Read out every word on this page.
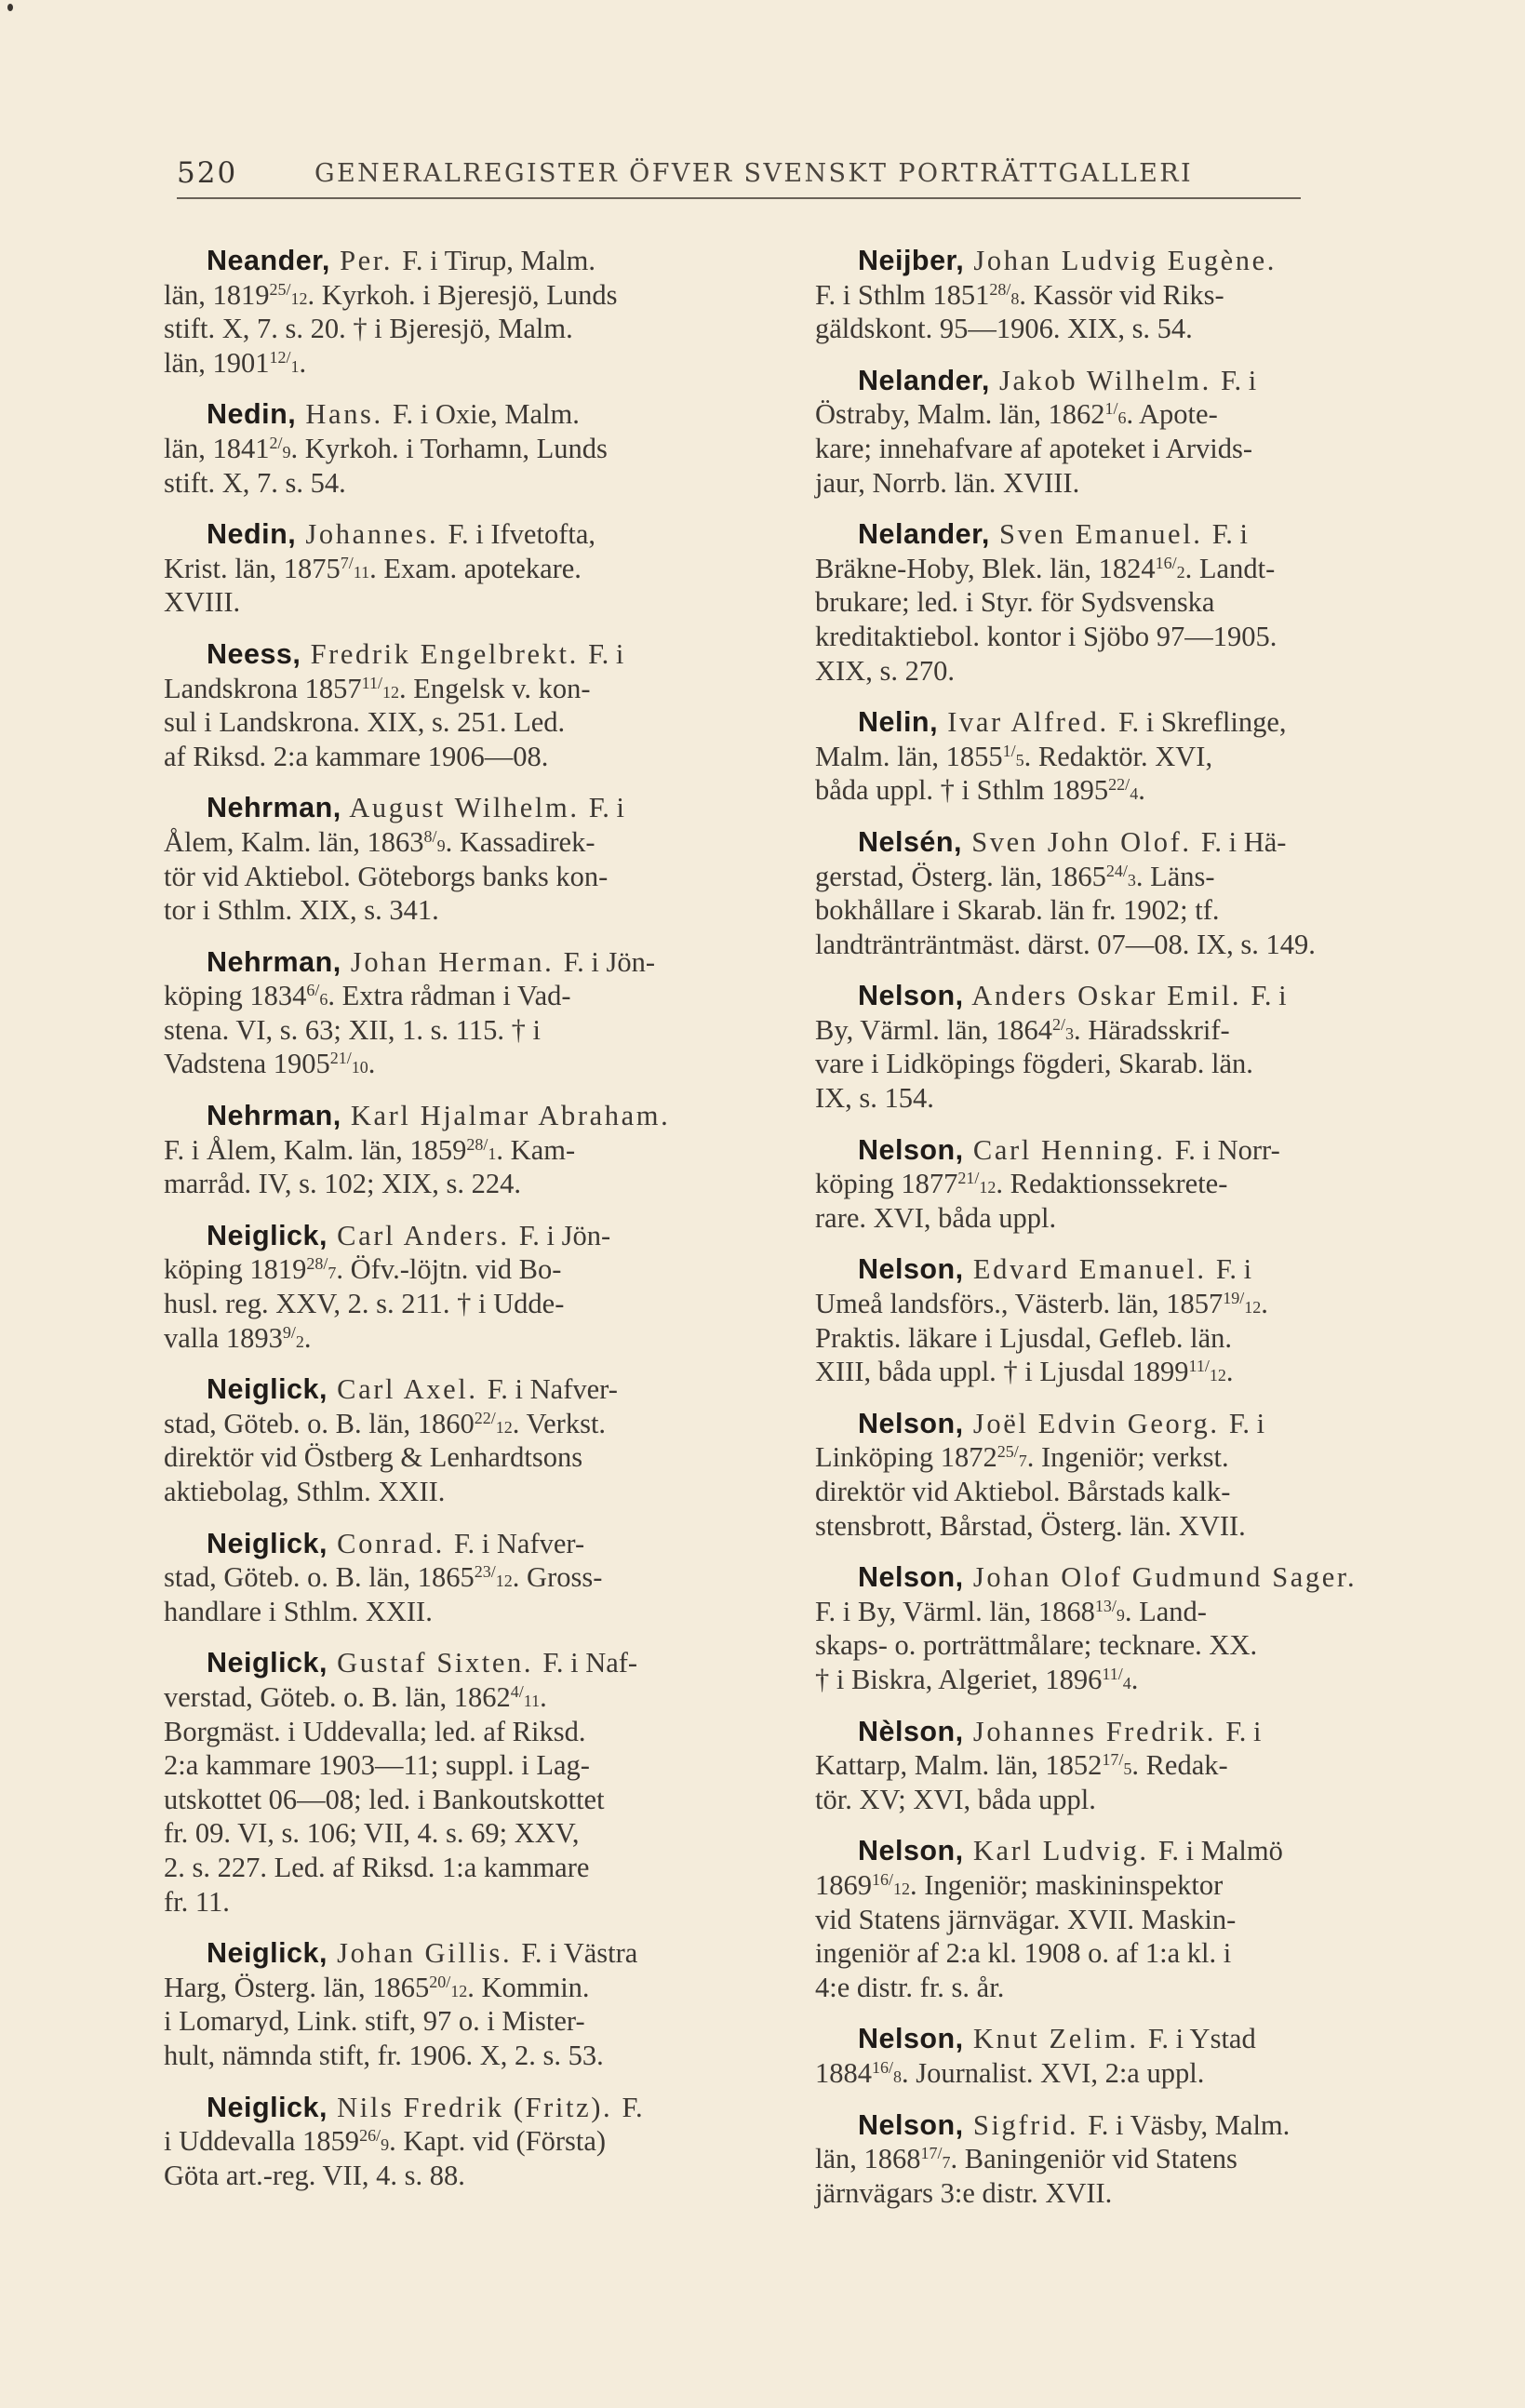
520	GENERALREGISTER ÖFVER SVENSKT PORTRÄTTGALLERI

Neander, Per. F. i Tirup, Malm.

län, 1819$^{25}$ / 12. Kyrkoh. i Bjeresjö, Lunds

stift. X, 7. s. 20. † i Bjeresjö, Malm.

län, 1901$^{12}$ / 1.

Nedin, Hans. F. i Oxie, Malm.

län, 1841$^2$ / 9. Kyrkoh. i Torhamn, Lunds

stift. X, 7. s. 54.

Nedin, Johannes. F. i Ifvetofta,

Krist. län, 1875$^7$ / 11. Exam. apotekare.

XVIII.

Neess, Fredrik Engelbrekt. F. i

Landskrona 1857$^{11}$ / 12. Engelsk v. kon-

sul i Landskrona. XIX, s. 251. Led.

af Riksd. 2:a kammare 1906—08.

Nehrman, August Wilhelm. F. i

Ålem, Kalm. län, 1863$^8$ / 9. Kassadirek-

tör vid Aktiebol. Göteborgs banks kon-

tor i Sthlm. XIX, s. 341.

Nehrman, Johan Herman. F. i Jön-

köping 1834$^6$ / 6. Extra rådman i Vad-

stena. VI, s. 63; XII, 1. s. 115. † i

Vadstena 1905$^{21}$ / 10.

Nehrman, Karl Hjalmar Abraham.

F. i Ålem, Kalm. län, 1859$^{28}$ / 1. Kam-

marråd. IV, s. 102; XIX, s. 224.

Neiglick, Carl Anders. F. i Jön-

köping 1819$^{28}$ / 7. Öfv.-löjtn. vid Bo-

husl. reg. XXV, 2. s. 211. † i Udde-

valla 1893$^9$ / 2.

Neiglick, Carl Axel. F. i Nafver-

stad, Göteb. o. B. län, 1860$^{22}$ / 12. Verkst.

direktör vid Östberg & Lenhardtsons

aktiebolag, Sthlm. XXII.

Neiglick, Conrad. F. i Nafver-

stad, Göteb. o. B. län, 1865$^{23}$ / 12. Gross-

handlare i Sthlm. XXII.

Neiglick, Gustaf Sixten. F. i Naf-

verstad, Göteb. o. B. län, 1862$^4$ / 11.

Borgmäst. i Uddevalla; led. af Riksd.

2:a kammare 1903—11; suppl. i Lag-

utskottet 06—08; led. i Bankoutskottet

fr. 09. VI, s. 106; VII, 4. s. 69; XXV,

2. s. 227. Led. af Riksd. 1:a kammare

fr. 11.

Neiglick, Johan Gillis. F. i Västra

Harg, Österg. län, 1865$^{20}$ / 12. Kommin.

i Lomaryd, Link. stift, 97 o. i Mister-

hult, nämnda stift, fr. 1906. X, 2. s. 53.

Neiglick, Nils Fredrik (Fritz). F.

i Uddevalla 1859$^{26}$ / 9. Kapt. vid (Första)

Göta art.-reg. VII, 4. s. 88.

Neijber, Johan Ludvig Eugène.

F. i Sthlm 1851$^{28}$ / 8. Kassör vid Riks-

gäldskont. 95—1906. XIX, s. 54.

Nelander, Jakob Wilhelm. F. i

Östraby, Malm. län, 1862$^1$ / 6. Apote-

kare; innehafvare af apoteket i Arvids-

jaur, Norrb. län. XVIII.

Nelander, Sven Emanuel. F. i

Bräkne-Hoby, Blek. län, 1824$^{16}$ / 2. Landt-

brukare; led. i Styr. för Sydsvenska

kreditaktiebol. kontor i Sjöbo 97—1905.

XIX, s. 270.

Nelin, Ivar Alfred. F. i Skreflinge,

Malm. län, 1855$^1$ / 5. Redaktör. XVI,

båda uppl. † i Sthlm 1895$^{22}$ / 4.

Nelsén, Sven John Olof. F. i Hä-

gerstad, Österg. län, 1865$^{24}$ / 3. Läns-

bokhållare i Skarab. län fr. 1902; tf.

landtränträntmäst. därst. 07—08. IX, s. 149.

Nelson, Anders Oskar Emil. F. i

By, Värml. län, 1864$^2$ / 3. Häradsskrif-

vare i Lidköpings fögderi, Skarab. län.

IX, s. 154.

Nelson, Carl Henning. F. i Norr-

köping 1877$^{21}$ / 12. Redaktionssekrete-

rare. XVI, båda uppl.

Nelson, Edvard Emanuel. F. i

Umeå landsförs., Västerb. län, 1857$^{19}$ / 12.

Praktis. läkare i Ljusdal, Gefleb. län.

XIII, båda uppl. † i Ljusdal 1899$^{11}$ / 12.

Nelson, Joël Edvin Georg. F. i

Linköping 1872$^{25}$ / 7. Ingeniör; verkst.

direktör vid Aktiebol. Bårstads kalk-

stensbrott, Bårstad, Österg. län. XVII.

Nelson, Johan Olof Gudmund Sager.

F. i By, Värml. län, 1868$^{13}$ / 9. Land-

skaps- o. porträttmålare; tecknare. XX.

† i Biskra, Algeriet, 1896$^{11}$ / 4.

Nèlson, Johannes Fredrik. F. i

Kattarp, Malm. län, 1852$^{17}$ / 5. Redak-

tör. XV; XVI, båda uppl.

Nelson, Karl Ludvig. F. i Malmö

1869$^{16}$ / 12. Ingeniör; maskininspektor

vid Statens järnvägar. XVII. Maskin-

ingeniör af 2:a kl. 1908 o. af 1:a kl. i

4:e distr. fr. s. år.

Nelson, Knut Zelim. F. i Ystad

1884$^{16}$ / 8. Journalist. XVI, 2:a uppl.

Nelson, Sigfrid. F. i Väsby, Malm.

län, 1868$^{17}$ / 7. Baningeniör vid Statens

järnvägars 3:e distr. XVII.
